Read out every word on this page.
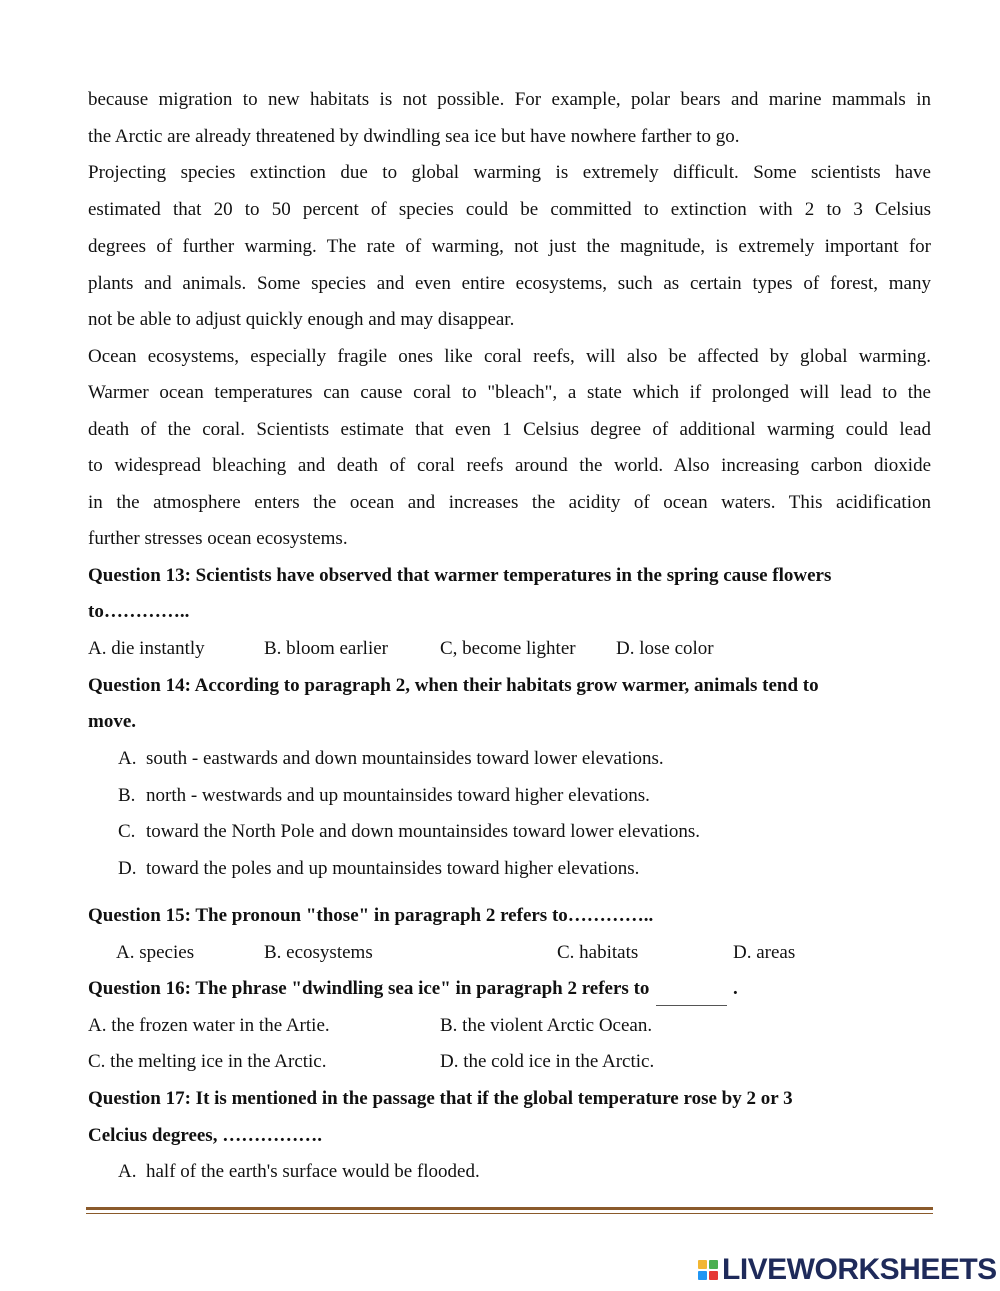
because migration to new habitats is not possible. For example, polar bears and marine mammals in
the Arctic are already threatened by dwindling sea ice but have nowhere farther to go.
Projecting species extinction due to global warming is extremely difficult. Some scientists have
estimated that 20 to 50 percent of species could be committed to extinction with 2 to 3 Celsius
degrees of further warming. The rate of warming, not just the magnitude, is extremely important for
plants and animals. Some species and even entire ecosystems, such as certain types of forest, many
not be able to adjust quickly enough and may disappear.
Ocean ecosystems, especially fragile ones like coral reefs, will also be affected by global warming.
Warmer ocean temperatures can cause coral to "bleach", a state which if prolonged will lead to the
death of the coral. Scientists estimate that even 1 Celsius degree of additional warming could lead
to widespread bleaching and death of coral reefs around the world. Also increasing carbon dioxide
in the atmosphere enters the ocean and increases the acidity of ocean waters. This acidification
further stresses ocean ecosystems.
Question 13: Scientists have observed that warmer temperatures in the spring cause flowers
to…………..
A. die instantly	B. bloom earlier	C, become lighter D. lose color
Question 14: According to paragraph 2, when their habitats grow warmer, animals tend to
move.
A. south - eastwards and down mountainsides toward lower elevations.
B. north - westwards and up mountainsides toward higher elevations.
C. toward the North Pole and down mountainsides toward lower elevations.
D. toward the poles and up mountainsides toward higher elevations.
Question 15: The pronoun "those" in paragraph 2 refers to…………..
A. species	B. ecosystems	C. habitats	D. areas
Question 16: The phrase "dwindling sea ice" in paragraph 2 refers to	.
A. the frozen water in the Artie.	B. the violent Arctic Ocean.
C. the melting ice in the Arctic.	D. the cold ice in the Arctic.
Question 17: It is mentioned in the passage that if the global temperature rose by 2 or 3
Celcius degrees, …………….
A. half of the earth's surface would be flooded.
LIVEWORKSHEETS
